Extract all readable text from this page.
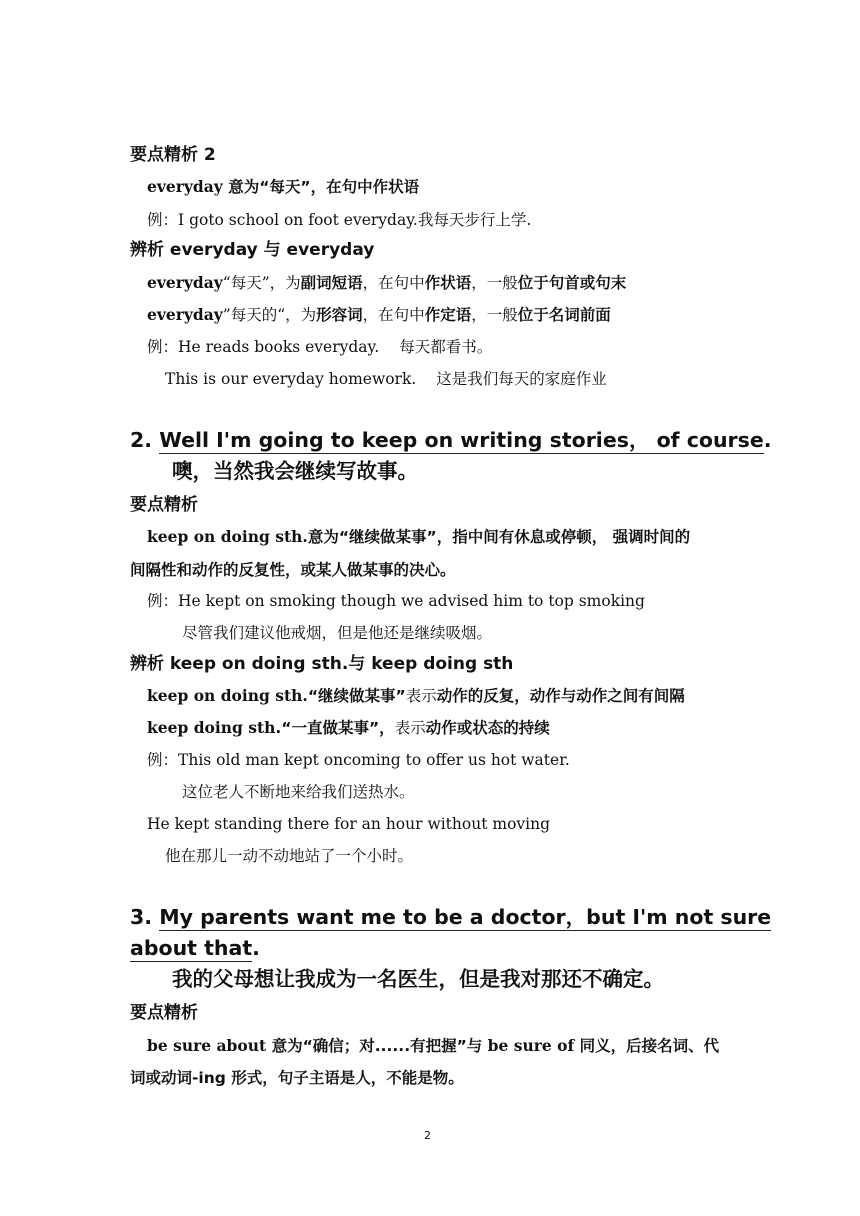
要点精析 2
everyday 意为“每天”，在句中作状语
例：I goto school on foot everyday.我每天步行上学.
辨析 everyday 与 everyday
everyday“每天”，为副词短语，在句中作状语，一般位于句首或句末
everyday”每天的“，为形容词，在句中作定语，一般位于名词前面
例：He reads books everyday. 每天都看书。
This is our everyday homework. 这是我们每天的家庭作业
2. Well I'm going to keep on writing stories， of course.
噢，当然我会继续写故事。
要点精析
keep on doing sth.意为“继续做某事”，指中间有休息或停顿， 强调时间的
间隔性和动作的反复性，或某人做某事的决心。
例：He kept on smoking though we advised him to top smoking
尽管我们建议他戒烟，但是他还是继续吸烟。
辨析 keep on doing sth.与 keep doing sth
keep on doing sth.“继续做某事”表示动作的反复，动作与动作之间有间隔
keep doing sth.“一直做某事”，表示动作或状态的持续
例：This old man kept oncoming to offer us hot water.
这位老人不断地来给我们送热水。
He kept standing there for an hour without moving
他在那儿一动不动地站了一个小时。
3. My parents want me to be a doctor，but I'm not sure
about that.
我的父母想让我成为一名医生，但是我对那还不确定。
要点精析
be sure about 意为“确信；对......有把握”与 be sure of 同义，后接名词、代
词或动词-ing 形式，句子主语是人，不能是物。
2
